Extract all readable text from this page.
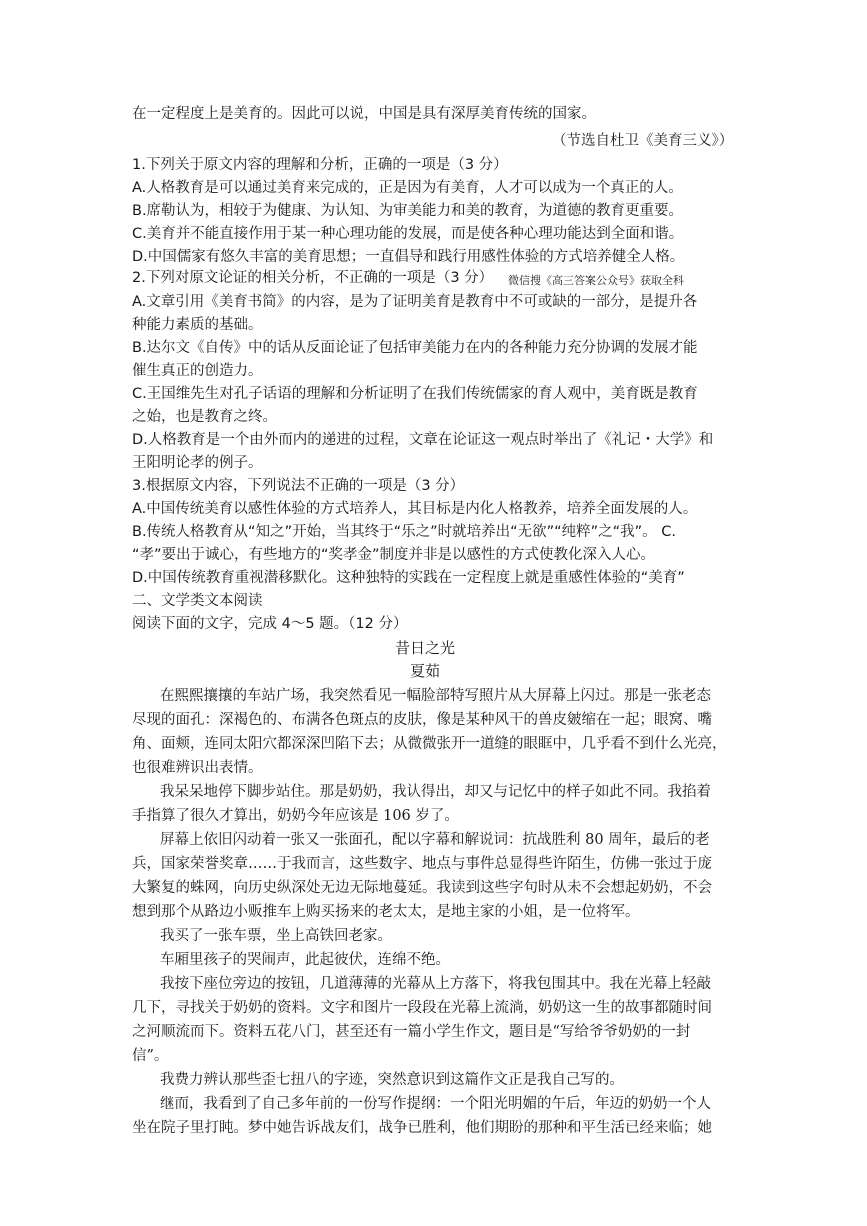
在一定程度上是美育的。因此可以说，中国是具有深厚美育传统的国家。
（节选自杜卫《美育三义》）
1.下列关于原文内容的理解和分析，正确的一项是（3 分）
A.人格教育是可以通过美育来完成的，正是因为有美育，人才可以成为一个真正的人。
B.席勒认为，相较于为健康、为认知、为审美能力和美的教育，为道德的教育更重要。
C.美育并不能直接作用于某一种心理功能的发展，而是使各种心理功能达到全面和谐。
D.中国儒家有悠久丰富的美育思想；一直倡导和践行用感性体验的方式培养健全人格。
2.下列对原文论证的相关分析，不正确的一项是（3 分） 微信搜《高三答案公众号》获取全科
A.文章引用《美育书简》的内容，是为了证明美育是教育中不可或缺的一部分，是提升各
种能力素质的基础。
B.达尔文《自传》中的话从反面论证了包括审美能力在内的各种能力充分协调的发展才能
催生真正的创造力。
C.王国维先生对孔子话语的理解和分析证明了在我们传统儒家的育人观中，美育既是教育
之始，也是教育之终。
D.人格教育是一个由外而内的递进的过程，文章在论证这一观点时举出了《礼记・大学》和
王阳明论孝的例子。
3.根据原文内容，下列说法不正确的一项是（3 分）
A.中国传统美育以感性体验的方式培养人，其目标是内化人格教养，培养全面发展的人。
B.传统人格教育从“知之”开始，当其终于“乐之”时就培养出“无欲”“纯粹”之“我”。 C.
“孝”要出于诚心，有些地方的“奖孝金”制度并非是以感性的方式使教化深入人心。
D.中国传统教育重视潜移默化。这种独特的实践在一定程度上就是重感性体验的“美育”
二、文学类文本阅读
阅读下面的文字，完成 4～5 题。（12 分）
昔日之光
夏茹
在熙熙攘攘的车站广场，我突然看见一幅脸部特写照片从大屏幕上闪过。那是一张老态
尽现的面孔：深褐色的、布满各色斑点的皮肤，像是某种风干的兽皮皴缩在一起；眼窝、嘴
角、面颊，连同太阳穴都深深凹陷下去；从微微张开一道缝的眼眶中，几乎看不到什么光亮，
也很难辨识出表情。
我呆呆地停下脚步站住。那是奶奶，我认得出，却又与记忆中的样子如此不同。我掐着
手指算了很久才算出，奶奶今年应该是 106 岁了。
屏幕上依旧闪动着一张又一张面孔，配以字幕和解说词：抗战胜利 80 周年，最后的老
兵，国家荣誉奖章……于我而言，这些数字、地点与事件总显得些许陌生，仿佛一张过于庞
大繁复的蛛网，向历史纵深处无边无际地蔓延。我读到这些字句时从未不会想起奶奶，不会
想到那个从路边小贩推车上购买扬来的老太太，是地主家的小姐，是一位将军。
我买了一张车票，坐上高铁回老家。
车厢里孩子的哭闹声，此起彼伏，连绵不绝。
我按下座位旁边的按钮，几道薄薄的光幕从上方落下，将我包围其中。我在光幕上轻敲
几下，寻找关于奶奶的资料。文字和图片一段段在光幕上流淌，奶奶这一生的故事都随时间
之河顺流而下。资料五花八门，甚至还有一篇小学生作文，题目是“写给爷爷奶奶的一封
信”。
我费力辨认那些歪七扭八的字迹，突然意识到这篇作文正是我自己写的。
继而，我看到了自己多年前的一份写作提纲：一个阳光明媚的午后，年迈的奶奶一个人
坐在院子里打盹。梦中她告诉战友们，战争已胜利，他们期盼的那种和平生活已经来临；她
